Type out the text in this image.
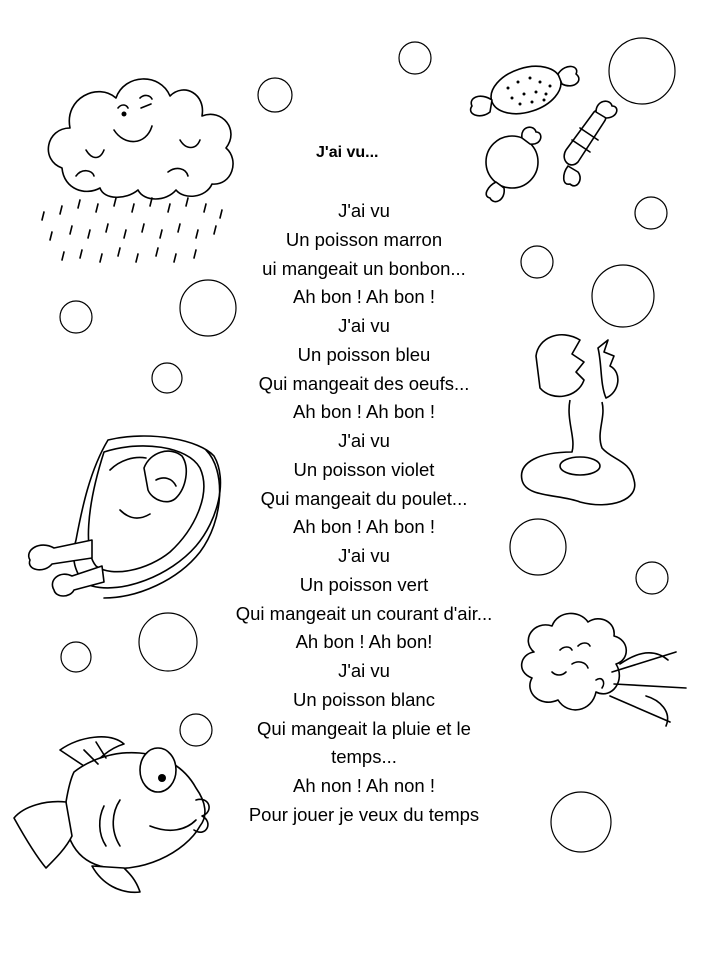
J'ai vu...
J'ai vu
Un poisson marron
ui mangeait un bonbon...
Ah bon ! Ah bon !
J'ai vu
Un poisson bleu
Qui mangeait des oeufs...
Ah bon ! Ah bon !
J'ai vu
Un poisson violet
Qui mangeait du poulet...
Ah bon ! Ah bon !
J'ai vu
Un poisson vert
Qui mangeait un courant d'air...
Ah bon ! Ah bon!
J'ai vu
Un poisson blanc
Qui mangeait la pluie et le
temps...
Ah non ! Ah non !
Pour jouer je veux du temps
